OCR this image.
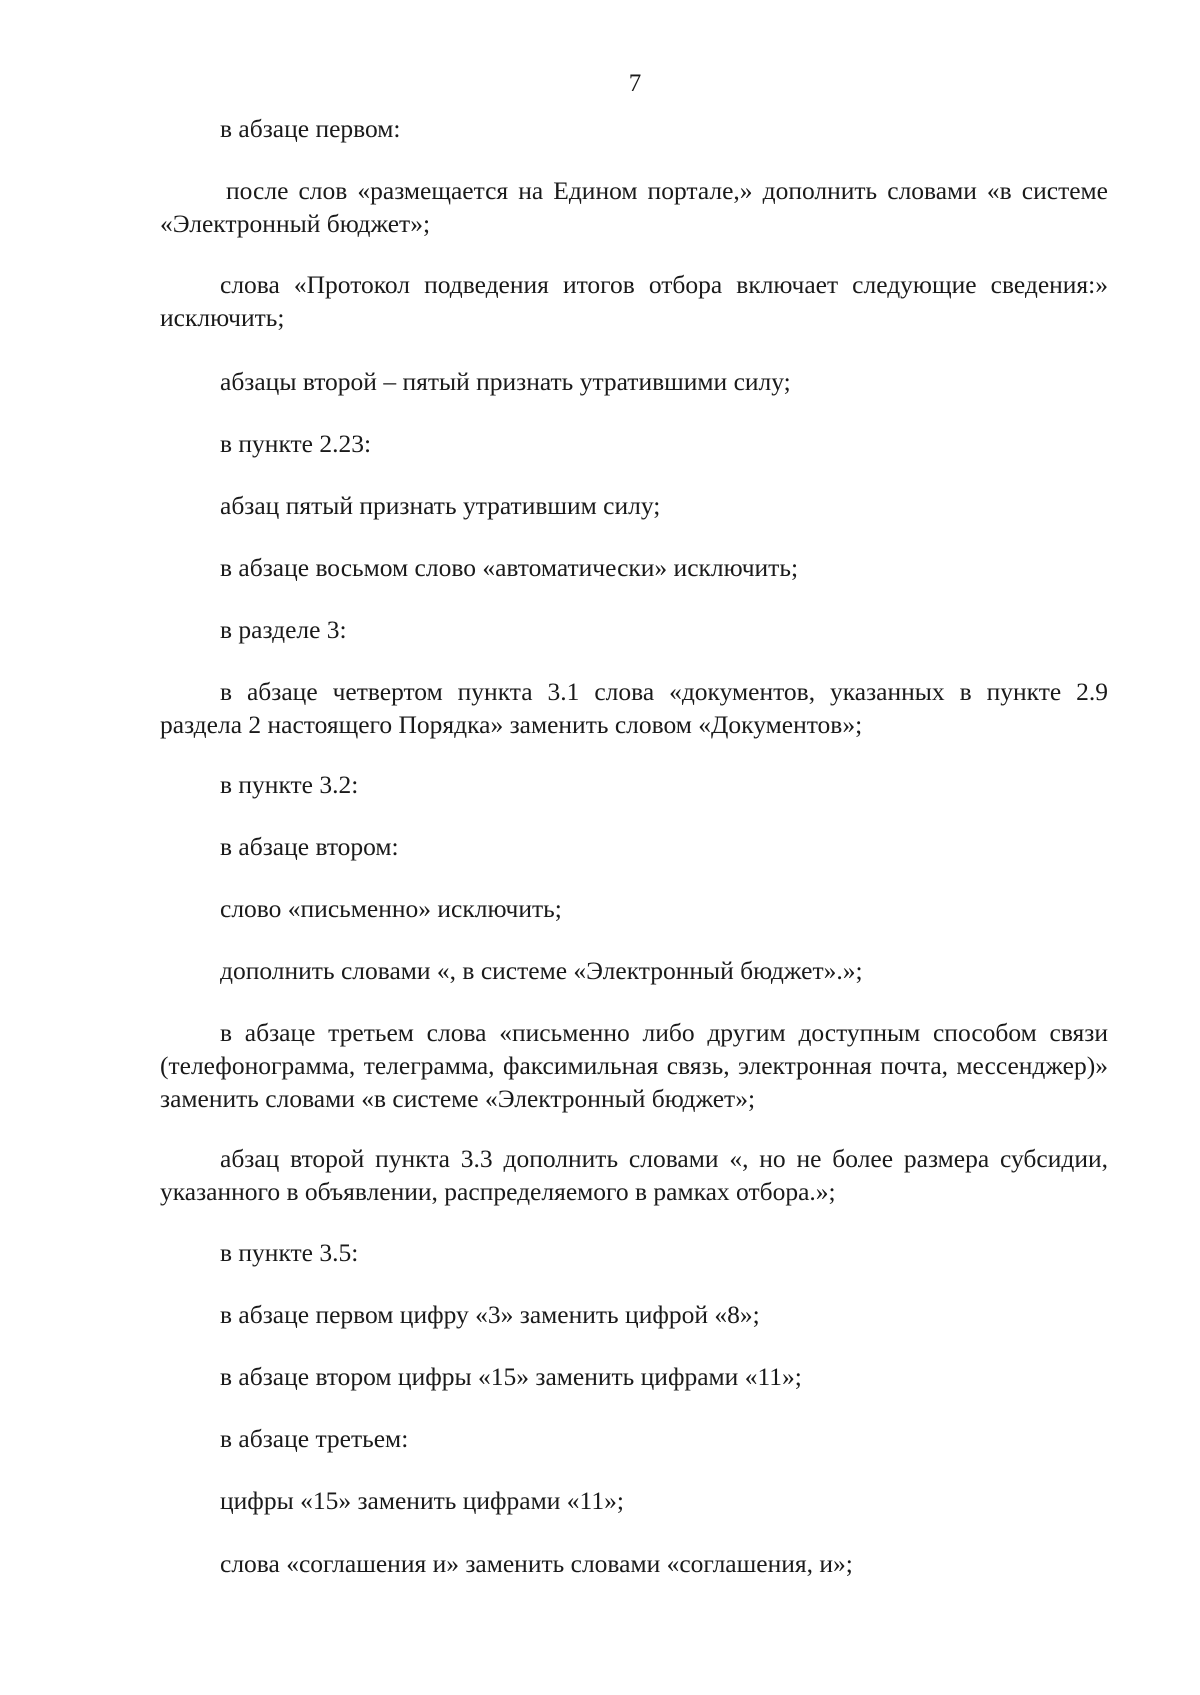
7

в абзаце первом:

после слов «размещается на Едином портале,» дополнить словами «в системе «Электронный бюджет»;

слова «Протокол подведения итогов отбора включает следующие сведения:» исключить;

абзацы второй – пятый признать утратившими силу;

в пункте 2.23:

абзац пятый признать утратившим силу;

в абзаце восьмом слово «автоматически» исключить;

в разделе 3:

в абзаце четвертом пункта 3.1 слова «документов, указанных в пункте 2.9 раздела 2 настоящего Порядка» заменить словом «Документов»;

в пункте 3.2:

в абзаце втором:

слово «письменно» исключить;

дополнить словами «, в системе «Электронный бюджет».»;

в абзаце третьем слова «письменно либо другим доступным способом связи (телефонограмма, телеграмма, факсимильная связь, электронная почта, мессенджер)» заменить словами «в системе «Электронный бюджет»;

абзац второй пункта 3.3 дополнить словами «, но не более размера субсидии, указанного в объявлении, распределяемого в рамках отбора.»;

в пункте 3.5:

в абзаце первом цифру «3» заменить цифрой «8»;

в абзаце втором цифры «15» заменить цифрами «11»;

в абзаце третьем:

цифры «15» заменить цифрами «11»;

слова «соглашения и» заменить словами «соглашения, и»;
